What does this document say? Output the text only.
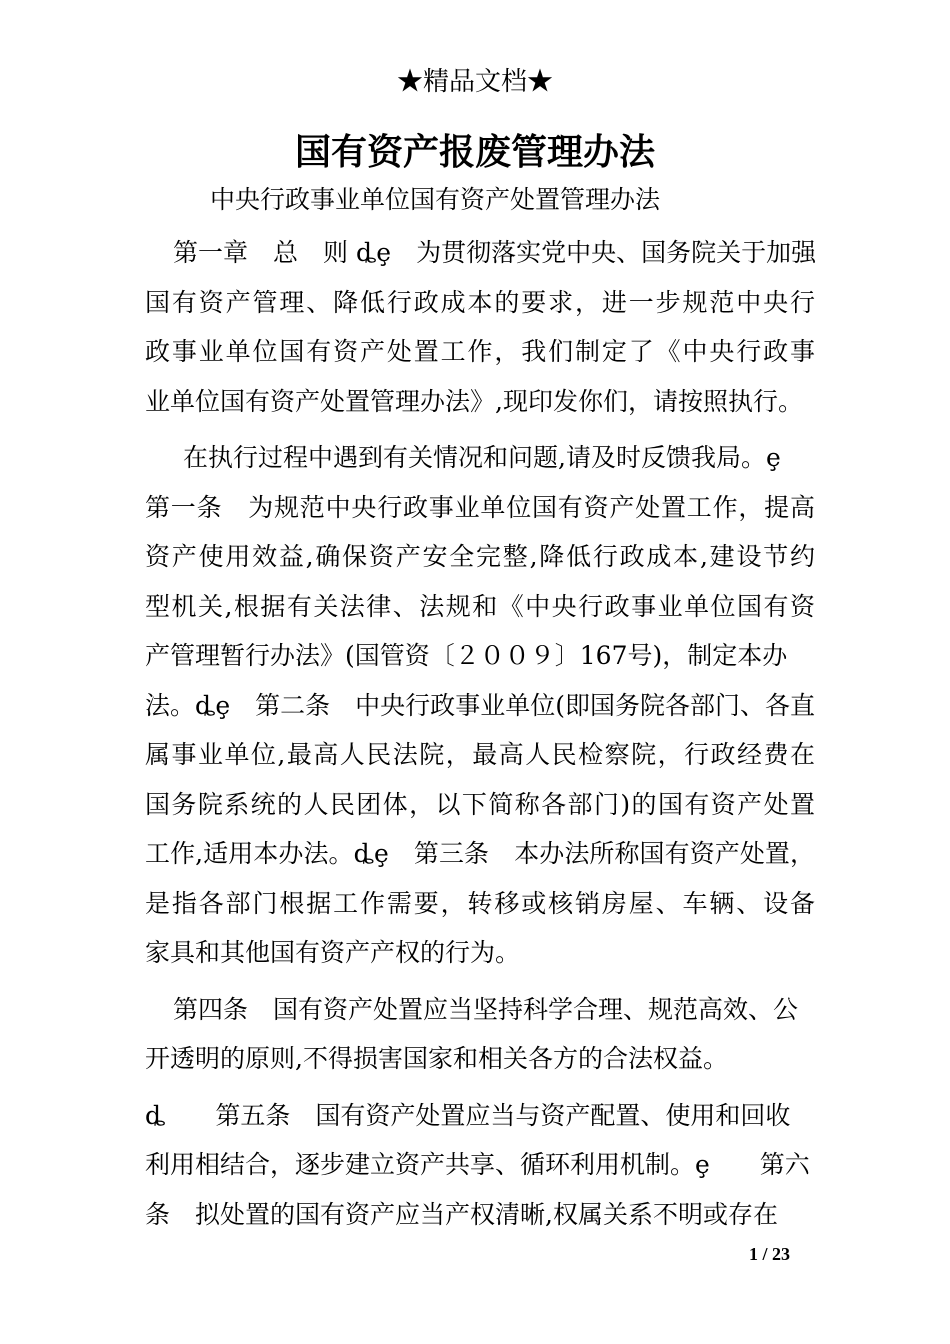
★精品文档★
国有资产报废管理办法
中央行政事业单位国有资产处置管理办法
第一章　总　则 ȡȩ　为贯彻落实党中央、国务院关于加强
国有资产管理、降低行政成本的要求，进一步规范中央行
政事业单位国有资产处置工作，我们制定了《中央行政事
业单位国有资产处置管理办法》,现印发你们，请按照执行。
在执行过程中遇到有关情况和问题,请及时反馈我局。ȩ
第一条　为规范中央行政事业单位国有资产处置工作，提高
资产使用效益,确保资产安全完整,降低行政成本,建设节约
型机关,根据有关法律、法规和《中央行政事业单位国有资
产管理暂行办法》(国管资〔２００９〕167号)，制定本办
法。ȡȩ　第二条　中央行政事业单位(即国务院各部门、各直
属事业单位,最高人民法院，最高人民检察院，行政经费在
国务院系统的人民团体，以下简称各部门)的国有资产处置
工作,适用本办法。ȡȩ　第三条　本办法所称国有资产处置，
是指各部门根据工作需要，转移或核销房屋、车辆、设备
家具和其他国有资产产权的行为。
第四条　国有资产处置应当坚持科学合理、规范高效、公
开透明的原则,不得损害国家和相关各方的合法权益。
ȡ　　第五条　国有资产处置应当与资产配置、使用和回收
利用相结合，逐步建立资产共享、循环利用机制。ȩ　　第六
条　拟处置的国有资产应当产权清晰,权属关系不明或存在
1 / 23
